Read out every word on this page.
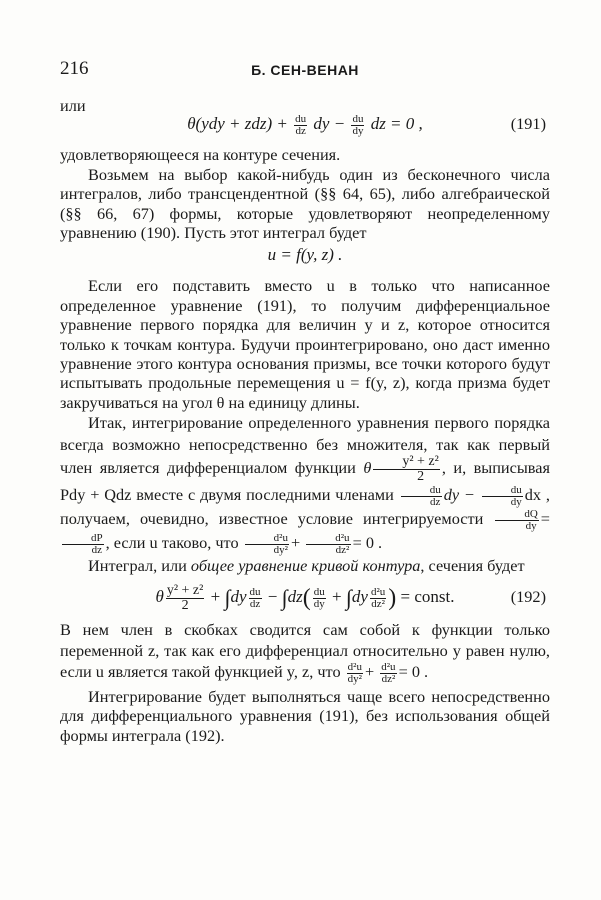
216	Б. СЕН-ВЕНАН

или

$\theta(ydy + zdz) + \frac{du}{dz}$ dy − $\frac{du}{dy}$ dz = 0 ,	(191)

удовлетворяющееся на контуре сечения.

Возьмем на выбор какой-нибудь один из бесконечного числа интегралов, либо трансцендентной (§§ 64, 65), либо алгебраической (§§ 66, 67) формы, которые удовлетворяют неопределенному уравнению (190). Пусть этот интеграл будет

u = f(y, z) .

Если его подставить вместо u в только что написанное определенное уравнение (191), то получим дифференциальное уравнение первого порядка для величин y и z, которое относится только к точкам контура. Будучи проинтегрировано, оно даст именно уравнение этого контура основания призмы, все точки которого будут испытывать продольные перемещения u = f(y, z), когда призма будет закручиваться на угол θ на единицу длины.

Итак, интегрирование определенного уравнения первого порядка всегда возможно непосредственно без множителя, так как первый член является дифференциалом функции θ $\frac{\text{y² + z²}}{2}$ , и, выписывая Pdy + Qdz вместе с двумя последними членами $\frac{du}{dz}$ dy − $\frac{du}{dy}$ dx , получаем, очевидно, известное условие интегрируемости $\frac{dQ}{dy}$ =
$\frac{dP}{dz}$ , если u таково, что $\frac{\text{d²u}}{\text{dy²}} + \frac{\text{d²u}}{\text{dz²}} = 0$ .

Интеграл, или общее уравнение кривой контура, сечения будет

θ $\frac{\text{y² + z²}}{2} + \int dy \frac{du}{dz} - \int dz( \frac{du}{dy} + \int dy \frac{\text{d²u}}{\text{dz²}}$ ) = const.	(192)

В нем член в скобках сводится сам собой к функции только переменной z, так как его дифференциал относительно y равен нулю, если u является такой функцией y, z, что $\frac{\text{d²u}}{\text{dy²}} + \frac{\text{d²u}}{\text{dz²}} = 0$ .

Интегрирование будет выполняться чаще всего непосредственно для дифференциального уравнения (191), без использования общей формы интеграла (192).
